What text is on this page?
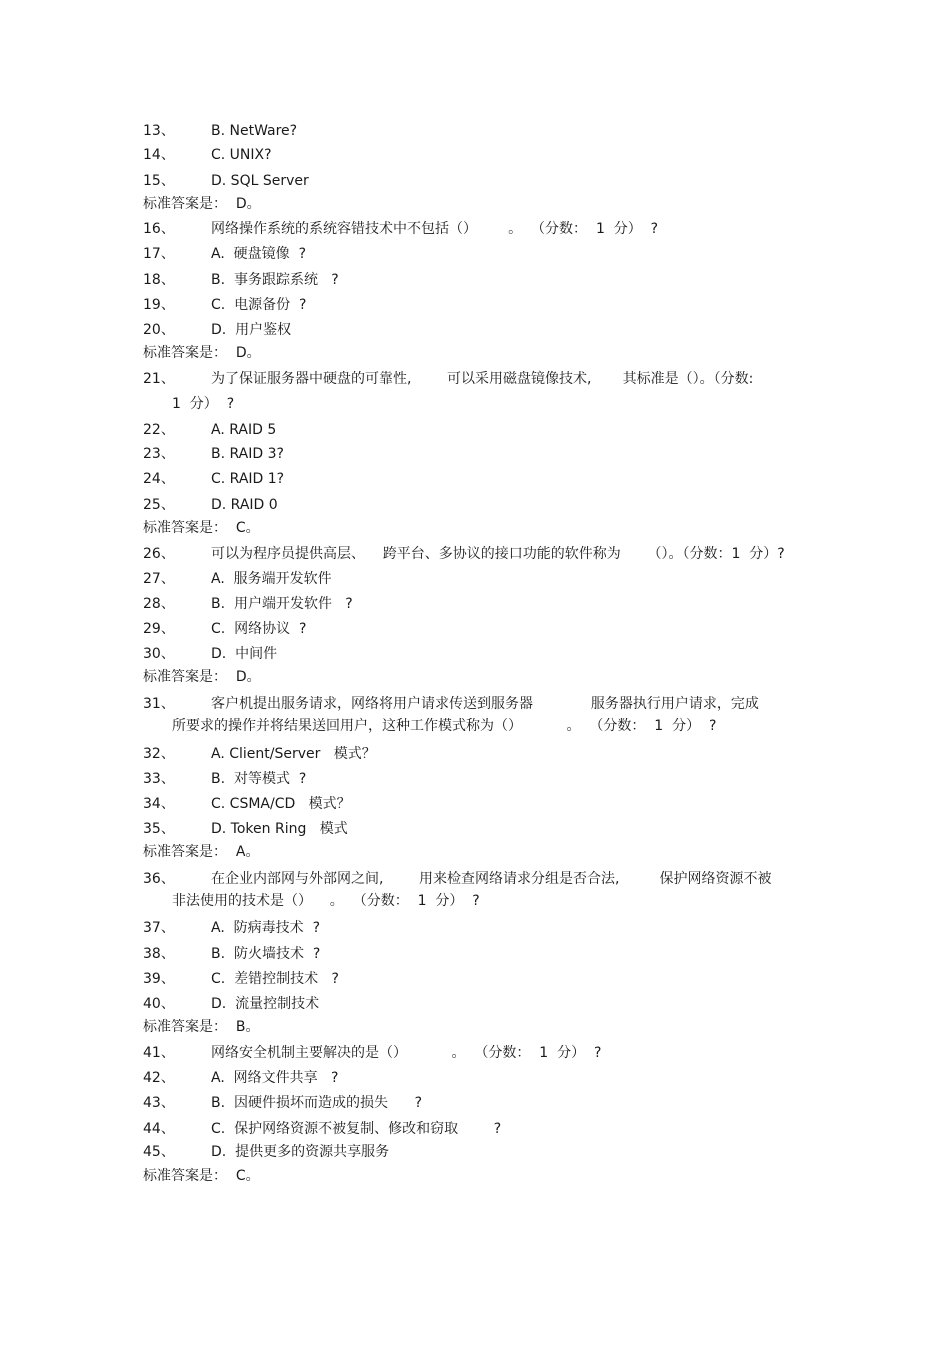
13、	B. NetWare?
14、	C. UNIX?
15、	D. SQL Server
标准答案是：  D。
16、	网络操作系统的系统容错技术中不包括（）       。  （分数：  1  分）  ?
17、	A.  硬盘镜像  ?
18、	B.  事务跟踪系统   ?
19、	C.  电源备份  ?
20、	D.  用户鉴权
标准答案是：  D。
21、	为了保证服务器中硬盘的可靠性,        可以采用磁盘镜像技术,       其标准是（）。（分数:
1  分）  ?
22、	A. RAID 5
23、	B. RAID 3?
24、	C. RAID 1?
25、	D. RAID 0
标准答案是：  C。
26、	可以为程序员提供高层、    跨平台、多协议的接口功能的软件称为      （）。（分数：1  分）?
27、	A.  服务端开发软件
28、	B.  用户端开发软件   ?
29、	C.  网络协议  ?
30、	D.  中间件
标准答案是：  D。
31、	客户机提出服务请求，网络将用户请求传送到服务器             服务器执行用户请求，完成
所要求的操作并将结果送回用户，这种工作模式称为（）          。  （分数：  1  分）  ?
32、	A. Client/Server   模式？
33、	B.  对等模式  ?
34、	C. CSMA/CD   模式？
35、	D. Token Ring   模式
标准答案是：  A。
36、	在企业内部网与外部网之间,        用来检查网络请求分组是否合法,         保护网络资源不被
非法使用的技术是（）    。  （分数：  1  分）  ?
37、	A.  防病毒技术  ?
38、	B.  防火墙技术  ?
39、	C.  差错控制技术   ?
40、	D.  流量控制技术
标准答案是：  B。
41、	网络安全机制主要解决的是（）          。  （分数：  1  分）  ?
42、	A.  网络文件共享   ?
43、	B.  因硬件损坏而造成的损失      ?
44、	C.  保护网络资源不被复制、修改和窃取        ?
45、	D.  提供更多的资源共享服务
标准答案是：  C。
